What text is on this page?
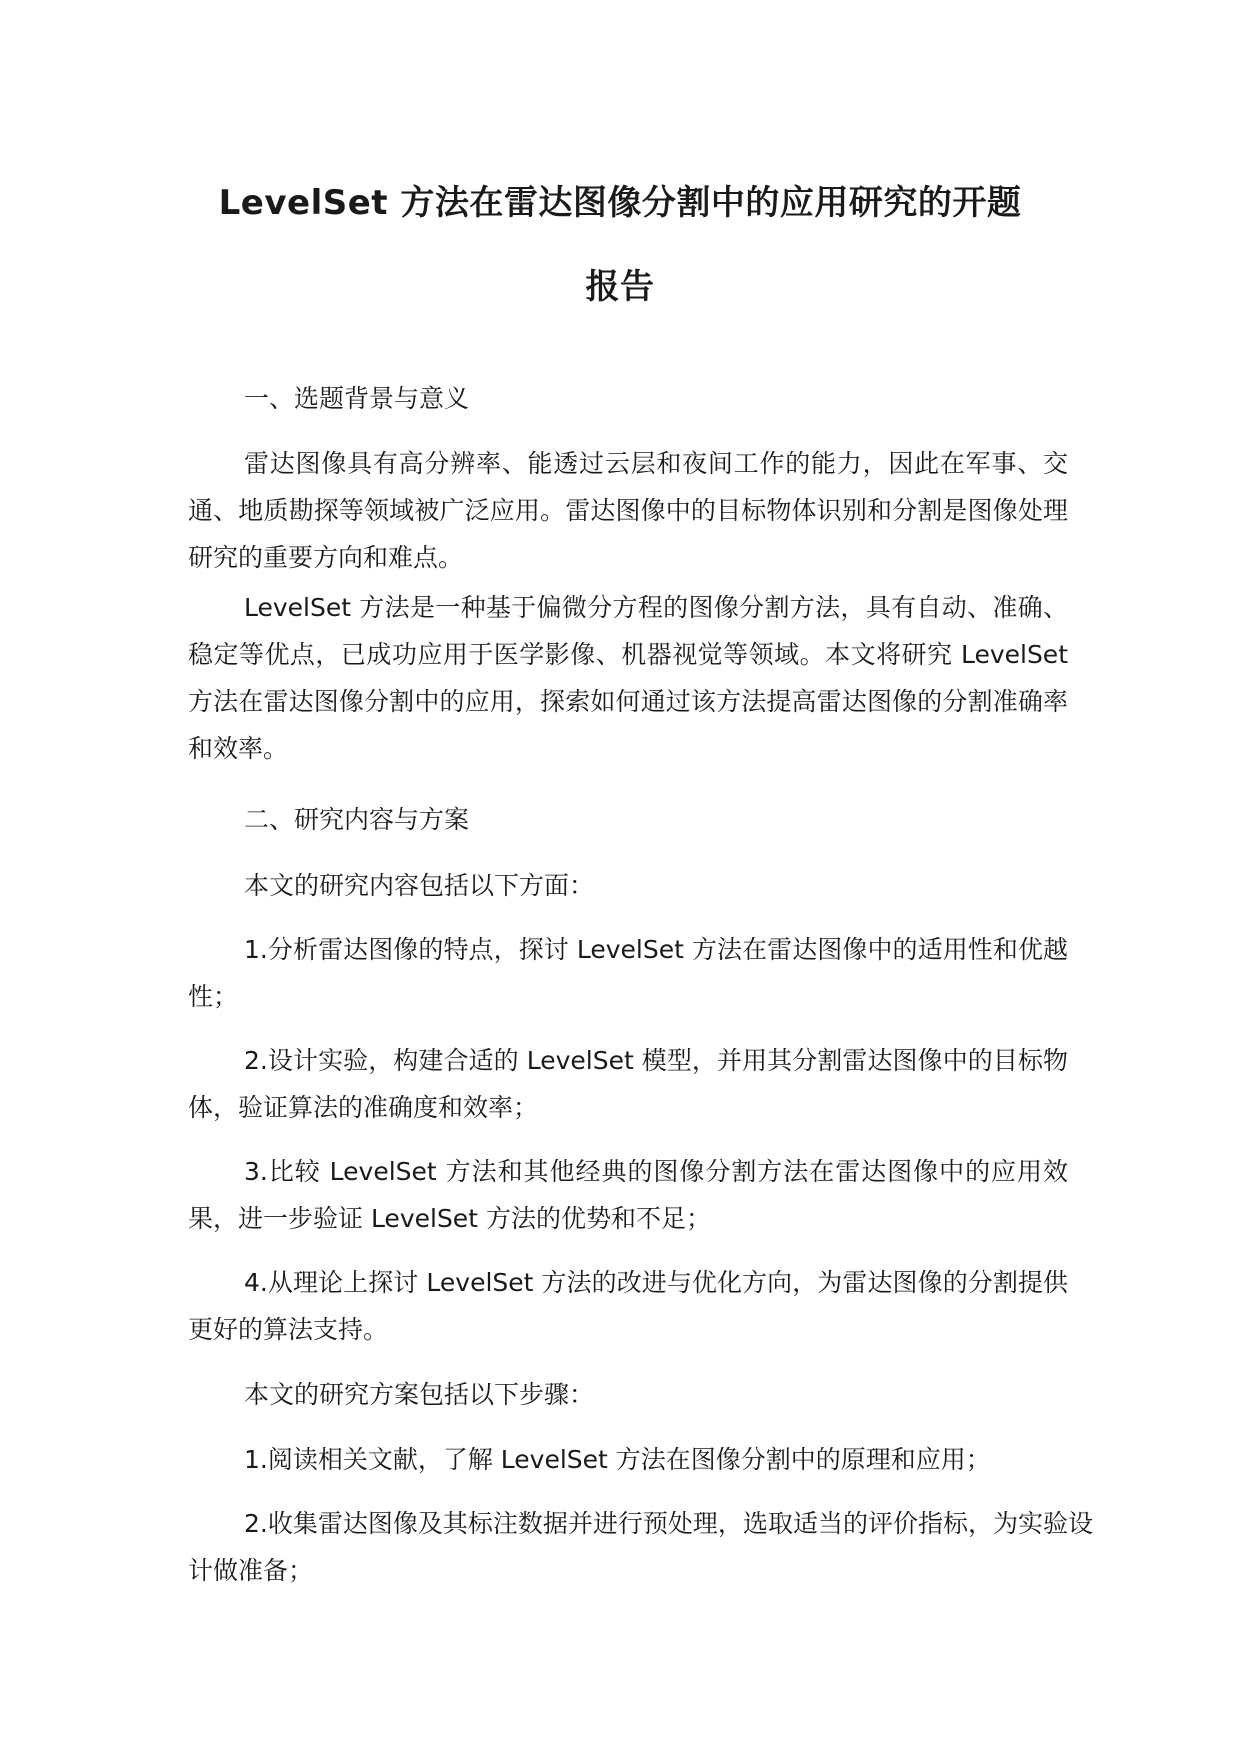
LevelSet 方法在雷达图像分割中的应用研究的开题
报告

一、选题背景与意义

雷达图像具有高分辨率、能透过云层和夜间工作的能力，因此在军事、交通、地质勘探等领域被广泛应用。雷达图像中的目标物体识别和分割是图像处理研究的重要方向和难点。

LevelSet 方法是一种基于偏微分方程的图像分割方法，具有自动、准确、稳定等优点，已成功应用于医学影像、机器视觉等领域。本文将研究 LevelSet 方法在雷达图像分割中的应用，探索如何通过该方法提高雷达图像的分割准确率和效率。

二、研究内容与方案

本文的研究内容包括以下方面：

1.分析雷达图像的特点，探讨 LevelSet 方法在雷达图像中的适用性和优越性；

2.设计实验，构建合适的 LevelSet 模型，并用其分割雷达图像中的目标物体，验证算法的准确度和效率；

3.比较 LevelSet 方法和其他经典的图像分割方法在雷达图像中的应用效果，进一步验证 LevelSet 方法的优势和不足；

4.从理论上探讨 LevelSet 方法的改进与优化方向，为雷达图像的分割提供更好的算法支持。

本文的研究方案包括以下步骤：

1.阅读相关文献，了解 LevelSet 方法在图像分割中的原理和应用；

2.收集雷达图像及其标注数据并进行预处理，选取适当的评价指标，为实验设计做准备；
